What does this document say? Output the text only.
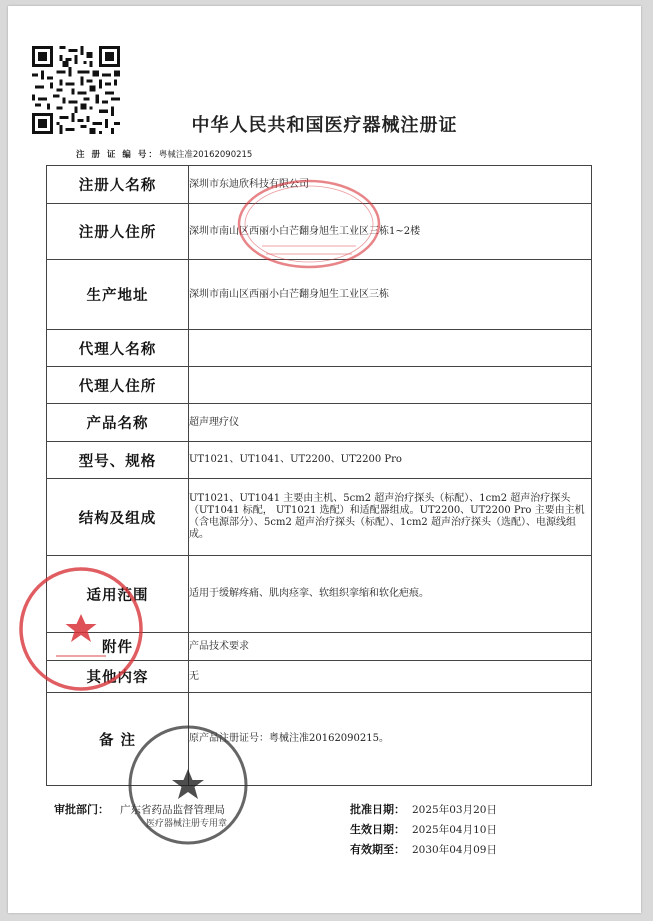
中华人民共和国医疗器械注册证
注 册 证 编 号：粤械注准20162090215
注册人名称	深圳市东迪欣科技有限公司
注册人住所	深圳市南山区西丽小白芒翻身旭生工业区三栋1~2楼
生产地址	深圳市南山区西丽小白芒翻身旭生工业区三栋
代理人名称	
代理人住所	
产品名称	超声理疗仪
型号、规格	UT1021、UT1041、UT2200、UT2200 Pro
结构及组成	UT1021、UT1041 主要由主机、5cm2 超声治疗探头（标配）、1cm2 超声治疗探头（UT1041 标配， UT1021 选配）和适配器组成。UT2200、UT2200 Pro 主要由主机（含电源部分）、5cm2 超声治疗探头（标配）、1cm2 超声治疗探头（选配）、电源线组成。
适用范围	适用于缓解疼痛、肌肉痉挛、软组织挛缩和软化疤痕。
附件	产品技术要求
其他内容	无
备 注	原产品注册证号：粤械注准20162090215。
审批部门： 广东省药品监督管理局	批准日期： 2025年03月20日
生效日期： 2025年04月10日
有效期至： 2030年04月09日
医疗器械注册专用章
